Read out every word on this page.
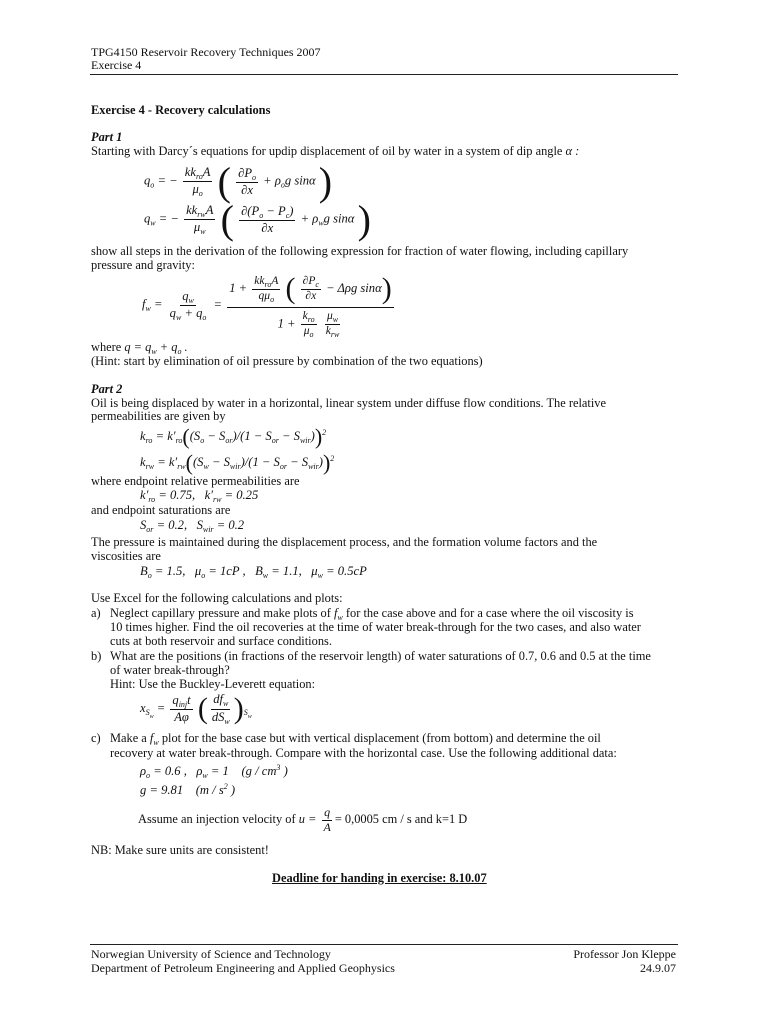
TPG4150 Reservoir Recovery Techniques 2007
Exercise 4
Exercise 4 - Recovery calculations
Part 1
Starting with Darcy´s equations for updip displacement of oil by water in a system of dip angle α :
$q_o$ = − $\frac{kk_{ro}A}{\mu_o}$ ( $\frac{\partial P_o}{\partial x} + \rho_og$ sinα )
$q_w$ = − $\frac{kk_{rw}A}{\mu_w}$ ( $\frac{\partial(P_o - P_c)}{\partial x} + \rho_wg$ sinα )
show all steps in the derivation of the following expression for fraction of water flowing, including capillary
pressure and gravity:
$f_w = \frac{q_w}{q_w + q_o}$ =
$1 + \frac{kk_{ro}A}{q\mu_o}$ ( $\frac{\partial P_c}{\partial x} - \Delta\rho g$ sinα)
$1 + \frac{k_{ro}}{\mu_o}$
$\frac{\mu_w}{k_{rw}}$
where $q = q_w + q_o$ .
(Hint: start by elimination of oil pressure by combination of the two equations)
Part 2
Oil is being displaced by water in a horizontal, linear system under diffuse flow conditions. The relative
permeabilities are given by
$k_{ro} = k'_{ro}((S_o - S_{or})/(1 - S_{or} - S_{wir}))^2$
$k_{rw} = k'_{rw}((S_w - S_{wir})/(1 - S_{or} - S_{wir}))^2$
where endpoint relative permeabilities are
$k'_{ro} = 0.75$,   $k'_{rw} = 0.25$
and endpoint saturations are
$S_{or} = 0.2$,   $S_{wir} = 0.2$
The pressure is maintained during the displacement process, and the formation volume factors and the
viscosities are
$B_o = 1.5$,   $\mu_o = 1cP$ ,   $B_w = 1.1$,   $\mu_w = 0.5cP$
Use Excel for the following calculations and plots:
a) Neglect capillary pressure and make plots of $f_w$ for the case above and for a case where the oil viscosity is
10 times higher. Find the oil recoveries at the time of water break-through for the two cases, and also water
cuts at both reservoir and surface conditions.
b) What are the positions (in fractions of the reservoir length) of water saturations of 0.7, 0.6 and 0.5 at the time
of water break-through?
Hint: Use the Buckley-Leverett equation:
$x_{S_w} = \frac{q_{inj}t}{A\varphi}$ ( $\frac{df_w}{dS_w} )_{S_w}$
c) Make a $f_w$ plot for the base case but with vertical displacement (from bottom) and determine the oil
recovery at water break-through. Compare with the horizontal case. Use the following additional data:
$\rho_o = 0.6$ ,   $\rho_w = 1$ ($g / cm^3$ )
g = 9.81 ($m / s^2$ )
Assume an injection velocity of $u = \frac{q}{A} = 0,0005$ cm / s and k=1 D
NB: Make sure units are consistent!
Deadline for handing in exercise: 8.10.07
Norwegian University of Science and Technology
Department of Petroleum Engineering and Applied Geophysics
Professor Jon Kleppe
24.9.07
